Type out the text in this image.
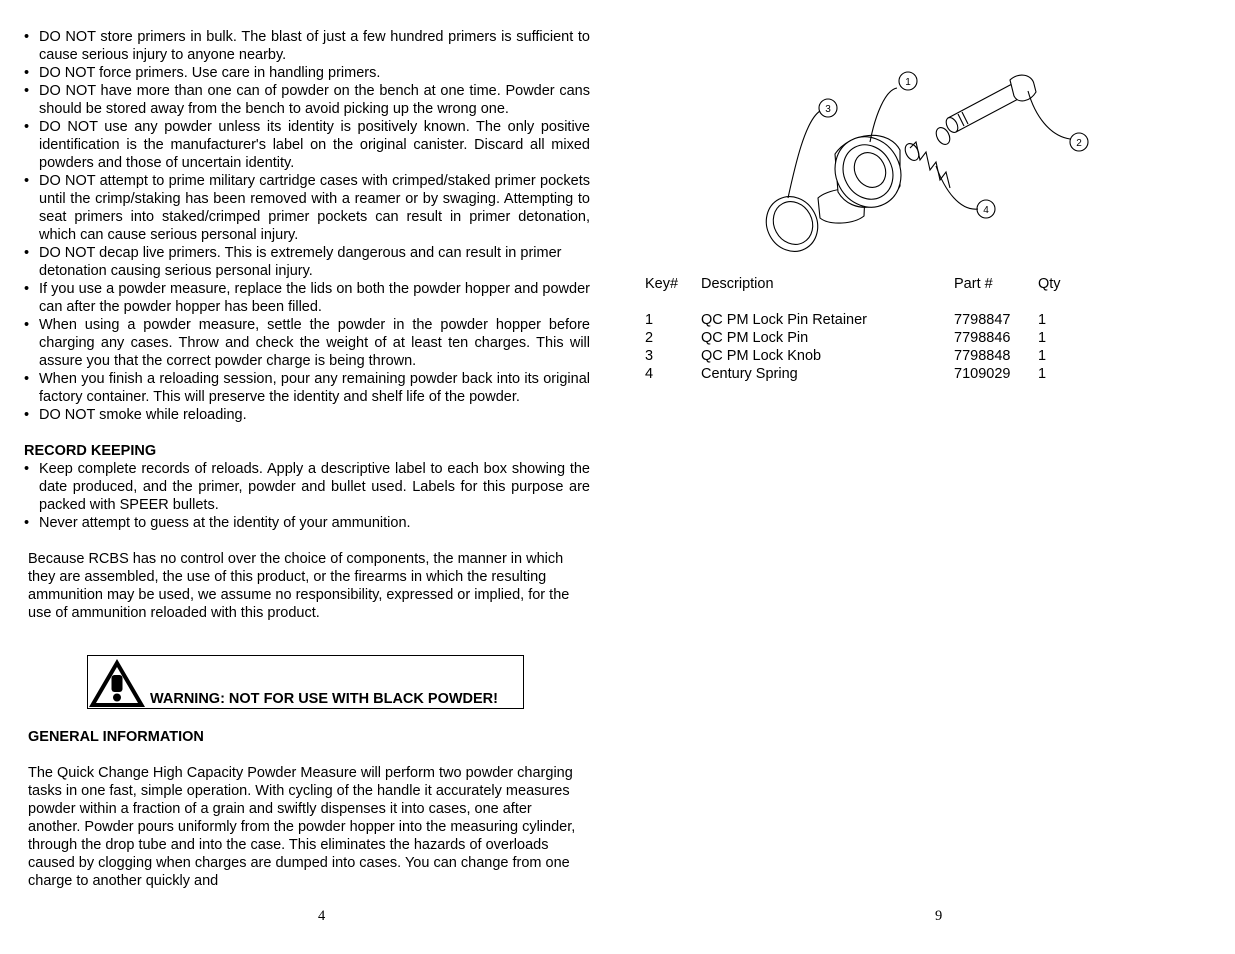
• DO NOT store primers in bulk. The blast of just a few hundred primers is sufficient to cause serious injury to anyone nearby.
• DO NOT force primers. Use care in handling primers.
• DO NOT have more than one can of powder on the bench at one time. Powder cans should be stored away from the bench to avoid picking up the wrong one.
• DO NOT use any powder unless its identity is positively known. The only positive identification is the manufacturer's label on the original canister. Discard all mixed powders and those of uncertain identity.
• DO NOT attempt to prime military cartridge cases with crimped/staked primer pockets until the crimp/staking has been removed with a reamer or by swaging. Attempting to seat primers into staked/crimped primer pockets can result in primer detonation, which can cause serious personal injury.
• DO NOT decap live primers. This is extremely dangerous and can result in primer detonation causing serious personal injury.
• If you use a powder measure, replace the lids on both the powder hopper and powder can after the powder hopper has been filled.
• When using a powder measure, settle the powder in the powder hopper before charging any cases. Throw and check the weight of at least ten charges. This will assure you that the correct powder charge is being thrown.
• When you finish a reloading session, pour any remaining powder back into its original factory container. This will preserve the identity and shelf life of the powder.
• DO NOT smoke while reloading.
RECORD KEEPING
• Keep complete records of reloads. Apply a descriptive label to each box showing the date produced, and the primer, powder and bullet used. Labels for this purpose are packed with SPEER bullets.
• Never attempt to guess at the identity of your ammunition.
Because RCBS has no control over the choice of components, the manner in which they are assembled, the use of this product, or the firearms in which the resulting ammunition may be used, we assume no responsibility, expressed or implied, for the use of ammunition reloaded with this product.
WARNING: NOT FOR USE WITH BLACK POWDER!
GENERAL INFORMATION
The Quick Change High Capacity Powder Measure will perform two powder charging tasks in one fast, simple operation. With cycling of the handle it accurately measures powder within a fraction of a grain and swiftly dispenses it into cases, one after another. Powder pours uniformly from the powder hopper into the measuring cylinder, through the drop tube and into the case. This eliminates the hazards of overloads caused by clogging when charges are dumped into cases. You can change from one charge to another quickly and
4	9
1
2
3
4
Key# Description	Part #	Qty
1	QC PM Lock Pin Retainer	7798847 1
2	QC PM Lock Pin	7798846 1
3	QC PM Lock Knob	7798848 1
4	Century Spring	7109029 1
